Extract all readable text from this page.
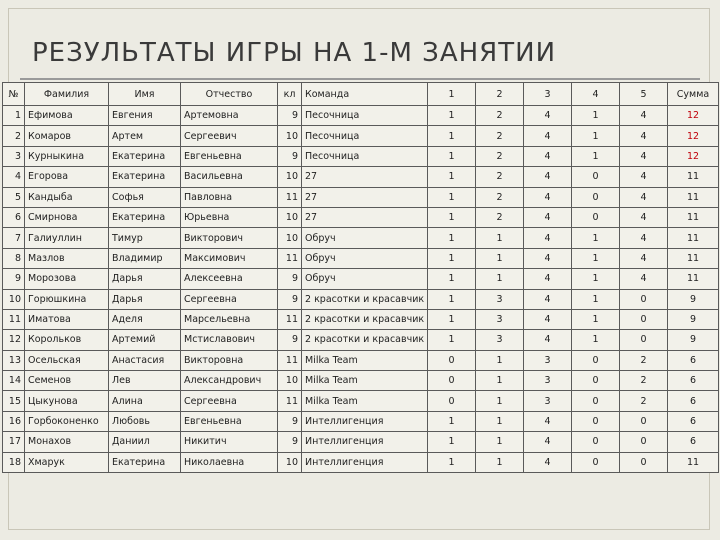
РЕЗУЛЬТАТЫ ИГРЫ НА 1-М ЗАНЯТИИ
№	Фамилия	Имя	Отчество	кл	Команда	1	2	3	4	5	Сумма
1	Ефимова	Евгения	Артемовна	9	Песочница	1	2	4	1	4	12
2	Комаров	Артем	Сергеевич	10	Песочница	1	2	4	1	4	12
3	Курныкина	Екатерина	Евгеньевна	9	Песочница	1	2	4	1	4	12
4	Егорова	Екатерина	Васильевна	10	27	1	2	4	0	4	11
5	Кандыба	Софья	Павловна	11	27	1	2	4	0	4	11
6	Смирнова	Екатерина	Юрьевна	10	27	1	2	4	0	4	11
7	Галиуллин	Тимур	Викторович	10	Обруч	1	1	4	1	4	11
8	Мазлов	Владимир	Максимович	11	Обруч	1	1	4	1	4	11
9	Морозова	Дарья	Алексеевна	9	Обруч	1	1	4	1	4	11
10	Горюшкина	Дарья	Сергеевна	9	2 красотки и красавчик	1	3	4	1	0	9
11	Иматова	Аделя	Марсельевна	11	2 красотки и красавчик	1	3	4	1	0	9
12	Корольков	Артемий	Мстиславович	9	2 красотки и красавчик	1	3	4	1	0	9
13	Осельская	Анастасия	Викторовна	11	Milka Team	0	1	3	0	2	6
14	Семенов	Лев	Александрович	10	Milka Team	0	1	3	0	2	6
15	Цыкунова	Алина	Сергеевна	11	Milka Team	0	1	3	0	2	6
16	Горбоконенко	Любовь	Евгеньевна	9	Интеллигенция	1	1	4	0	0	6
17	Монахов	Даниил	Никитич	9	Интеллигенция	1	1	4	0	0	6
18	Хмарук	Екатерина	Николаевна	10	Интеллигенция	1	1	4	0	0	11
